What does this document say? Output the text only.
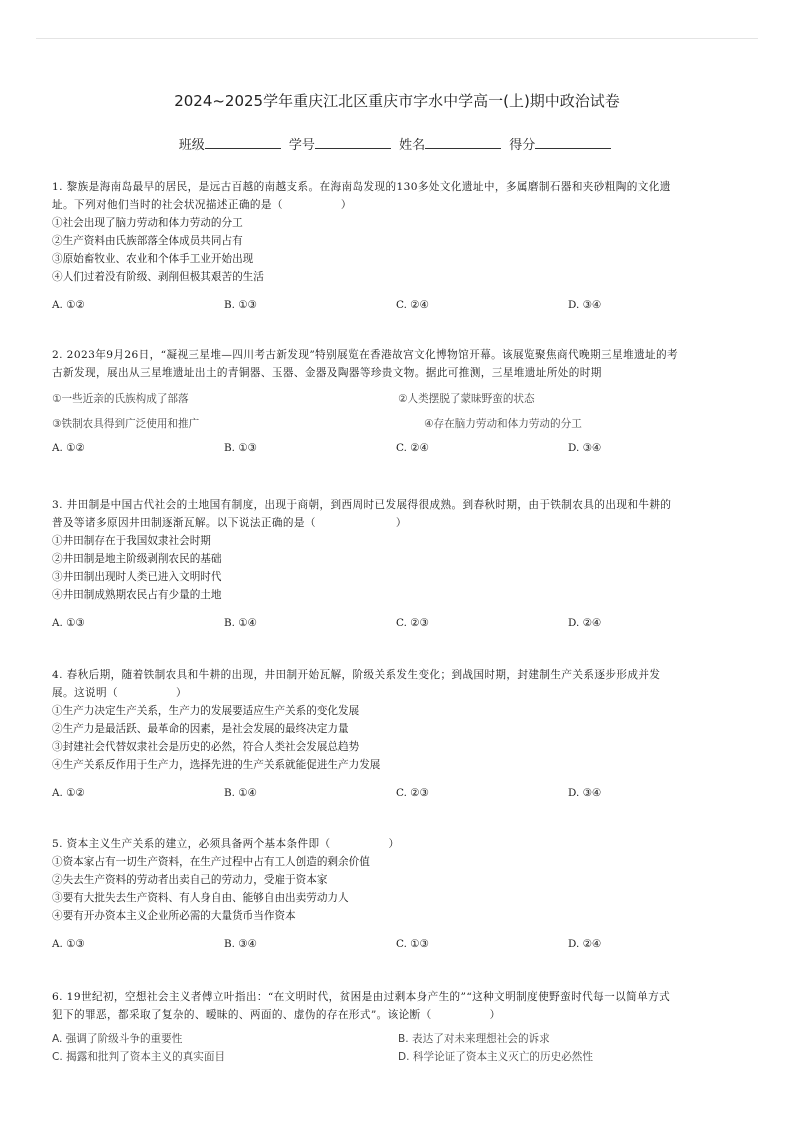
2024~2025学年重庆江北区重庆市字水中学高一(上)期中政治试卷
班级	学号	姓名	得分
1. 黎族是海南岛最早的居民，是远古百越的南越支系。在海南岛发现的130多处文化遗址中，多属磨制石器和夹砂粗陶的文化遗
址。下列对他们当时的社会状况描述正确的是（	）
①社会出现了脑力劳动和体力劳动的分工
②生产资料由氏族部落全体成员共同占有
③原始畜牧业、农业和个体手工业开始出现
④人们过着没有阶级、剥削但极其艰苦的生活
A. ①②	B. ①③	C. ②④	D. ③④
2. 2023年9月26日，“凝视三星堆—四川考古新发现”特别展览在香港故宫文化博物馆开幕。该展览聚焦商代晚期三星堆遗址的考
古新发现，展出从三星堆遗址出土的青铜器、玉器、金器及陶器等珍贵文物。据此可推测，三星堆遗址所处的时期
①一些近亲的氏族构成了部落	②人类摆脱了蒙昧野蛮的状态
③铁制农具得到广泛使用和推广	④存在脑力劳动和体力劳动的分工
A. ①②	B. ①③	C. ②④	D. ③④
3. 井田制是中国古代社会的土地国有制度，出现于商朝，到西周时已发展得很成熟。到春秋时期，由于铁制农具的出现和牛耕的
普及等诸多原因井田制逐渐瓦解。以下说法正确的是（	）
①井田制存在于我国奴隶社会时期
②井田制是地主阶级剥削农民的基础
③井田制出现时人类已进入文明时代
④井田制成熟期农民占有少量的土地
A. ①③	B. ①④	C. ②③	D. ②④
4. 春秋后期，随着铁制农具和牛耕的出现，井田制开始瓦解，阶级关系发生变化；到战国时期，封建制生产关系逐步形成并发
展。这说明（	）
①生产力决定生产关系，生产力的发展要适应生产关系的变化发展
②生产力是最活跃、最革命的因素，是社会发展的最终决定力量
③封建社会代替奴隶社会是历史的必然，符合人类社会发展总趋势
④生产关系反作用于生产力，选择先进的生产关系就能促进生产力发展
A. ①②	B. ①④	C. ②③	D. ③④
5. 资本主义生产关系的建立，必须具备两个基本条件即（	）
①资本家占有一切生产资料，在生产过程中占有工人创造的剩余价值
②失去生产资料的劳动者出卖自己的劳动力，受雇于资本家
③要有大批失去生产资料、有人身自由、能够自由出卖劳动力人
④要有开办资本主义企业所必需的大量货币当作资本
A. ①③	B. ③④	C. ①③	D. ②④
6. 19世纪初，空想社会主义者傅立叶指出：“在文明时代，贫困是由过剩本身产生的”“这种文明制度使野蛮时代每一以简单方式
犯下的罪恶，都采取了复杂的、暧昧的、两面的、虚伪的存在形式”。该论断（	）
A. 强调了阶级斗争的重要性	B. 表达了对未来理想社会的诉求
C. 揭露和批判了资本主义的真实面目	D. 科学论证了资本主义灭亡的历史必然性
